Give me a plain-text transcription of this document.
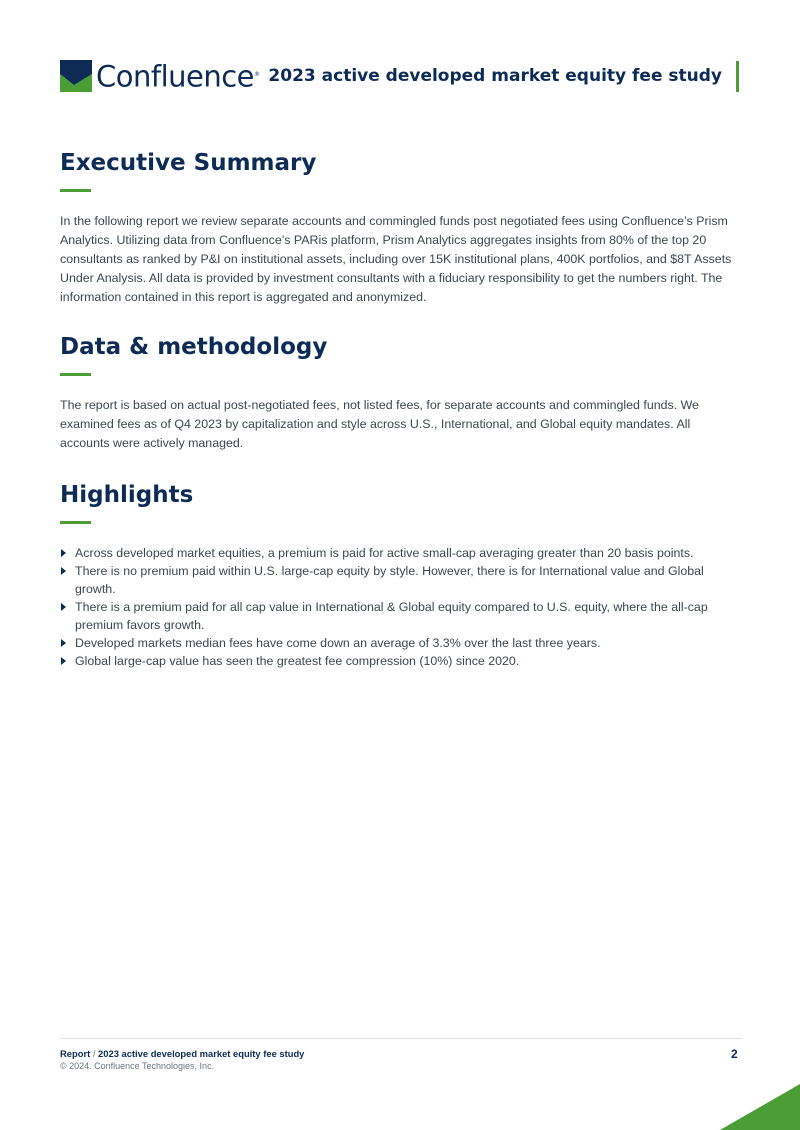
Confluence® 2023 active developed market equity fee study
Executive Summary

In the following report we review separate accounts and commingled funds post negotiated fees using Confluence’s Prism Analytics. Utilizing data from Confluence’s PARis platform, Prism Analytics aggregates insights from 80% of the top 20 consultants as ranked by P&I on institutional assets, including over 15K institutional plans, 400K portfolios, and $8T Assets Under Analysis. All data is provided by investment consultants with a fiduciary responsibility to get the numbers right. The information contained in this report is aggregated and anonymized.

Data & methodology

The report is based on actual post-negotiated fees, not listed fees, for separate accounts and commingled funds. We examined fees as of Q4 2023 by capitalization and style across U.S., International, and Global equity mandates. All accounts were actively managed.

Highlights
Across developed market equities, a premium is paid for active small-cap averaging greater than 20 basis points.
There is no premium paid within U.S. large-cap equity by style. However, there is for International value and Global growth.
There is a premium paid for all cap value in International & Global equity compared to U.S. equity, where the all-cap premium favors growth.
Developed markets median fees have come down an average of 3.3% over the last three years.
Global large-cap value has seen the greatest fee compression (10%) since 2020.
Report / 2023 active developed market equity fee study
© 2024. Confluence Technologies, Inc.
2
